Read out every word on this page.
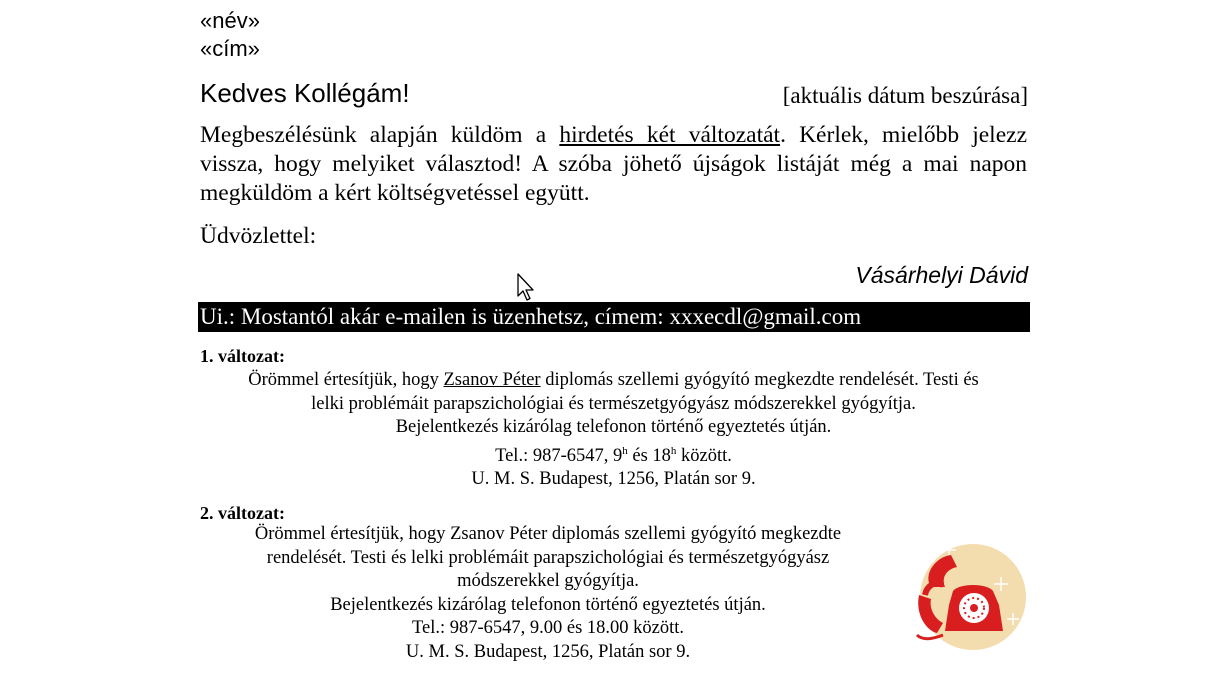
«név»
«cím»
Kedves Kollégám!	[aktuális dátum beszúrása]

Megbeszélésünk alapján küldöm a hirdetés két változatát. Kérlek, mielőbb jelezz vissza, hogy melyiket választod! A szóba jöhető újságok listáját még a mai napon megküldöm a kért költségvetéssel együtt.

Üdvözlettel:
Vásárhelyi Dávid
Ui.: Mostantól akár e-mailen is üzenhetsz, címem: xxxecdl@gmail.com
1. változat:
Örömmel értesítjük, hogy Zsanov Péter diplomás szellemi gyógyító megkezdte rendelését. Testi és
lelki problémáit parapszichológiai és természetgyógyász módszerekkel gyógyítja.
Bejelentkezés kizárólag telefonon történő egyeztetés útján.
Tel.: 987-6547, 9$^h$ és 18$^h$ között.
U. M. S. Budapest, 1256, Platán sor 9.
2. változat:
Örömmel értesítjük, hogy Zsanov Péter diplomás szellemi gyógyító megkezdte
rendelését. Testi és lelki problémáit parapszichológiai és természetgyógyász
módszerekkel gyógyítja.
Bejelentkezés kizárólag telefonon történő egyeztetés útján.
Tel.: 987-6547, 9.00 és 18.00 között.
U. M. S. Budapest, 1256, Platán sor 9.
